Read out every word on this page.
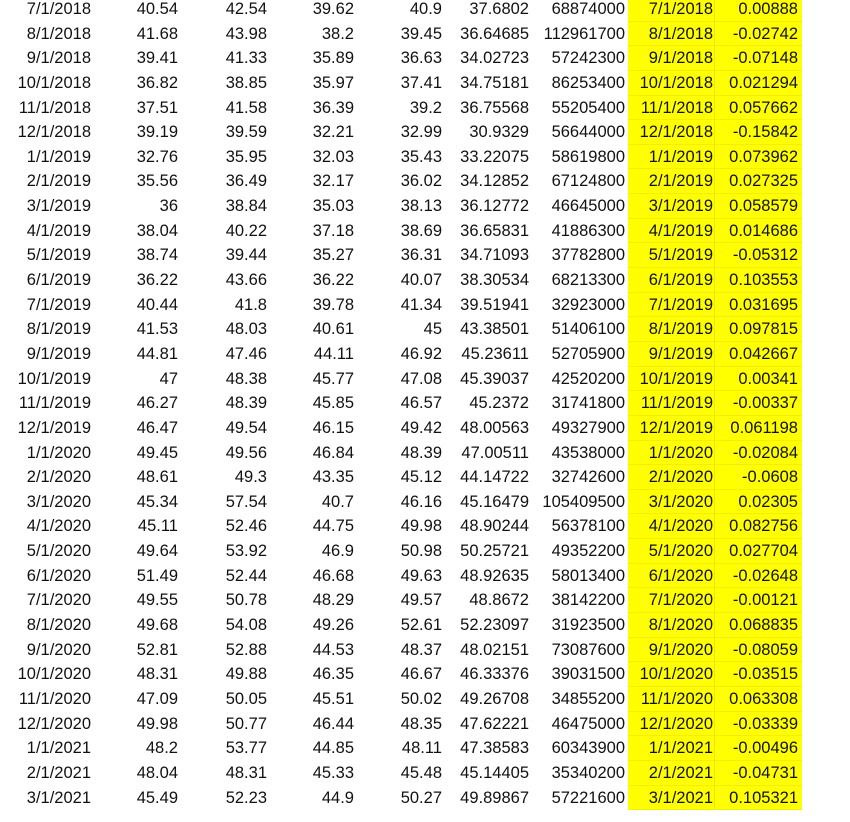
7/1/2018	40.54	42.54	39.62	40.9	37.6802	68874000	7/1/2018	0.00888
8/1/2018	41.68	43.98	38.2	39.45	36.64685 112961700	8/1/2018	-0.02742
9/1/2018	39.41	41.33	35.89	36.63	34.02723	57242300	9/1/2018	-0.07148
10/1/2018	36.82	38.85	35.97	37.41	34.75181	86253400 10/1/2018 0.021294
11/1/2018	37.51	41.58	36.39	39.2	36.75568	55205400 11/1/2018 0.057662
12/1/2018	39.19	39.59	32.21	32.99	30.9329	56644000 12/1/2018	-0.15842
1/1/2019	32.76	35.95	32.03	35.43	33.22075	58619800	1/1/2019 0.073962
2/1/2019	35.56	36.49	32.17	36.02	34.12852	67124800	2/1/2019 0.027325
3/1/2019	36	38.84	35.03	38.13	36.12772	46645000	3/1/2019 0.058579
4/1/2019	38.04	40.22	37.18	38.69	36.65831	41886300	4/1/2019 0.014686
5/1/2019	38.74	39.44	35.27	36.31	34.71093	37782800	5/1/2019	-0.05312
6/1/2019	36.22	43.66	36.22	40.07	38.30534	68213300	6/1/2019 0.103553
7/1/2019	40.44	41.8	39.78	41.34	39.51941	32923000	7/1/2019 0.031695
8/1/2019	41.53	48.03	40.61	45	43.38501	51406100	8/1/2019 0.097815
9/1/2019	44.81	47.46	44.11	46.92	45.23611	52705900	9/1/2019 0.042667
10/1/2019	47	48.38	45.77	47.08	45.39037	42520200 10/1/2019	0.00341
11/1/2019	46.27	48.39	45.85	46.57	45.2372	31741800 11/1/2019	-0.00337
12/1/2019	46.47	49.54	46.15	49.42	48.00563	49327900 12/1/2019	0.061198
1/1/2020	49.45	49.56	46.84	48.39	47.00511	43538000	1/1/2020	-0.02084
2/1/2020	48.61	49.3	43.35	45.12	44.14722	32742600	2/1/2020	-0.0608
3/1/2020	45.34	57.54	40.7	46.16	45.16479 105409500	3/1/2020	0.02305
4/1/2020	45.11	52.46	44.75	49.98	48.90244	56378100	4/1/2020 0.082756
5/1/2020	49.64	53.92	46.9	50.98	50.25721	49352200	5/1/2020 0.027704
6/1/2020	51.49	52.44	46.68	49.63	48.92635	58013400	6/1/2020	-0.02648
7/1/2020	49.55	50.78	48.29	49.57	48.8672	38142200	7/1/2020	-0.00121
8/1/2020	49.68	54.08	49.26	52.61	52.23097	31923500	8/1/2020 0.068835
9/1/2020	52.81	52.88	44.53	48.37	48.02151	73087600	9/1/2020	-0.08059
10/1/2020	48.31	49.88	46.35	46.67	46.33376	39031500 10/1/2020	-0.03515
11/1/2020	47.09	50.05	45.51	50.02	49.26708	34855200 11/1/2020 0.063308
12/1/2020	49.98	50.77	46.44	48.35	47.62221	46475000 12/1/2020	-0.03339
1/1/2021	48.2	53.77	44.85	48.11	47.38583	60343900	1/1/2021	-0.00496
2/1/2021	48.04	48.31	45.33	45.48	45.14405	35340200	2/1/2021	-0.04731
3/1/2021	45.49	52.23	44.9	50.27	49.89867	57221600	3/1/2021 0.105321
